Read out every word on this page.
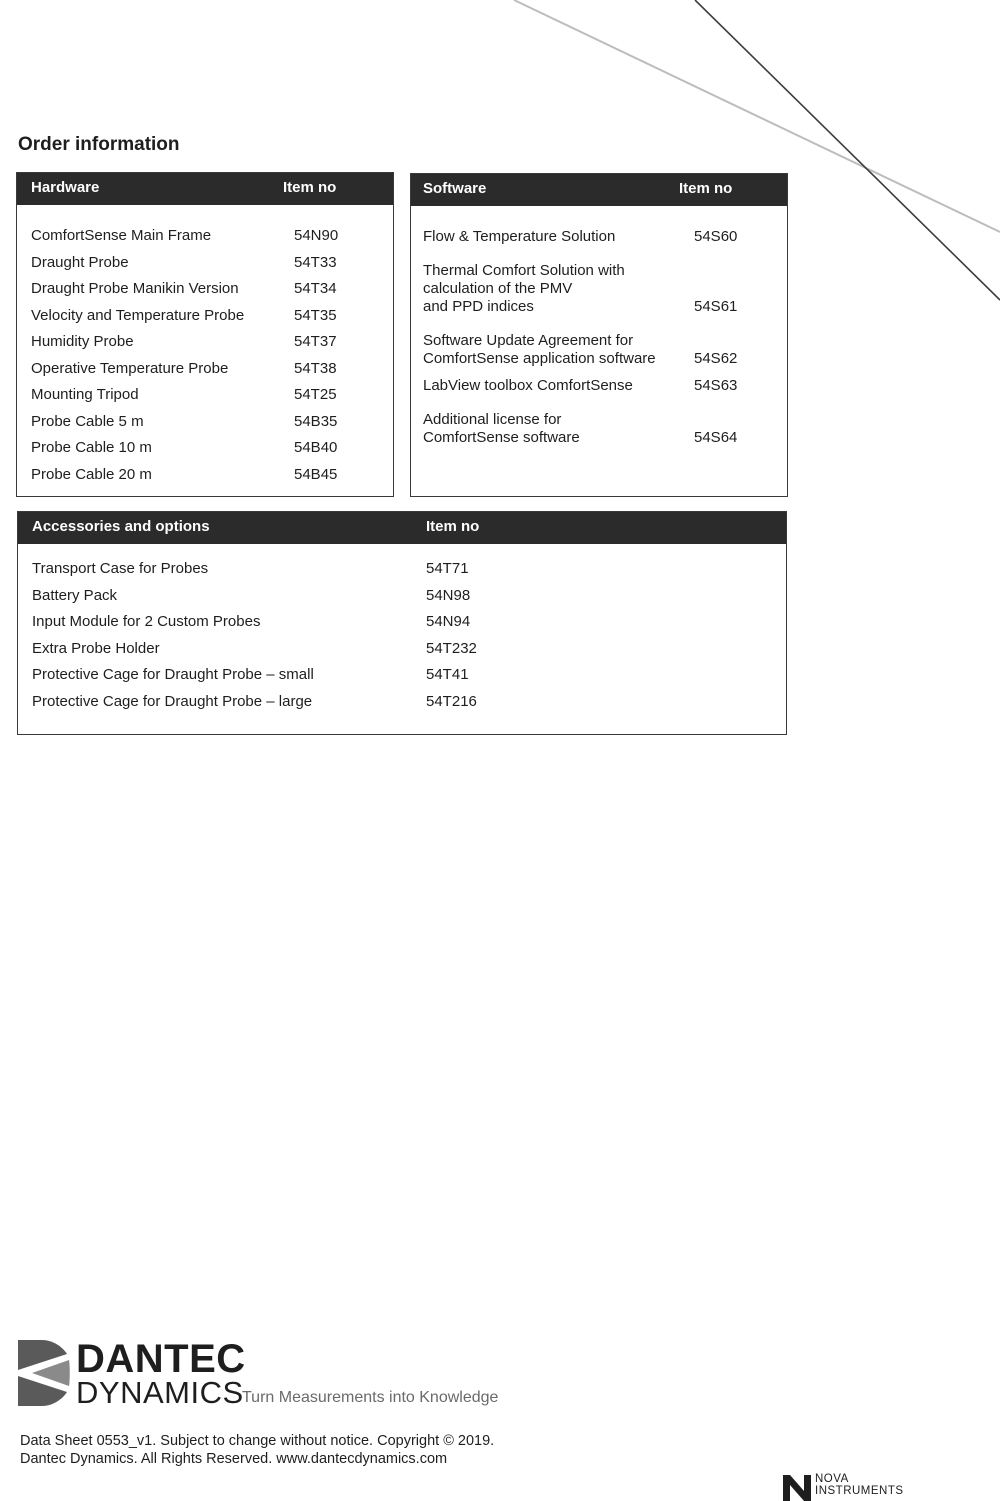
Order information
Hardware	Item no
ComfortSense Main Frame	54N90
Draught Probe	54T33
Draught Probe Manikin Version	54T34
Velocity and Temperature Probe	54T35
Humidity Probe	54T37
Operative Temperature Probe	54T38
Mounting Tripod	54T25
Probe Cable 5 m	54B35
Probe Cable 10 m	54B40
Probe Cable 20 m	54B45
Software	Item no
Flow & Temperature Solution	54S60
Thermal Comfort Solution with
calculation of the PMV
and PPD indices	54S61
Software Update Agreement for
ComfortSense application software	54S62
LabView toolbox ComfortSense	54S63
Additional license for
ComfortSense software	54S64
Accessories and options	Item no
Transport Case for Probes	54T71
Battery Pack	54N98
Input Module for 2 Custom Probes	54N94
Extra Probe Holder	54T232
Protective Cage for Draught Probe – small	54T41
Protective Cage for Draught Probe – large	54T216
DANTEC
DYNAMICS
Turn Measurements into Knowledge
Data Sheet 0553_v1. Subject to change without notice. Copyright © 2019.
Dantec Dynamics. All Rights Reserved. www.dantecdynamics.com
NOVA
INSTRUMENTS
